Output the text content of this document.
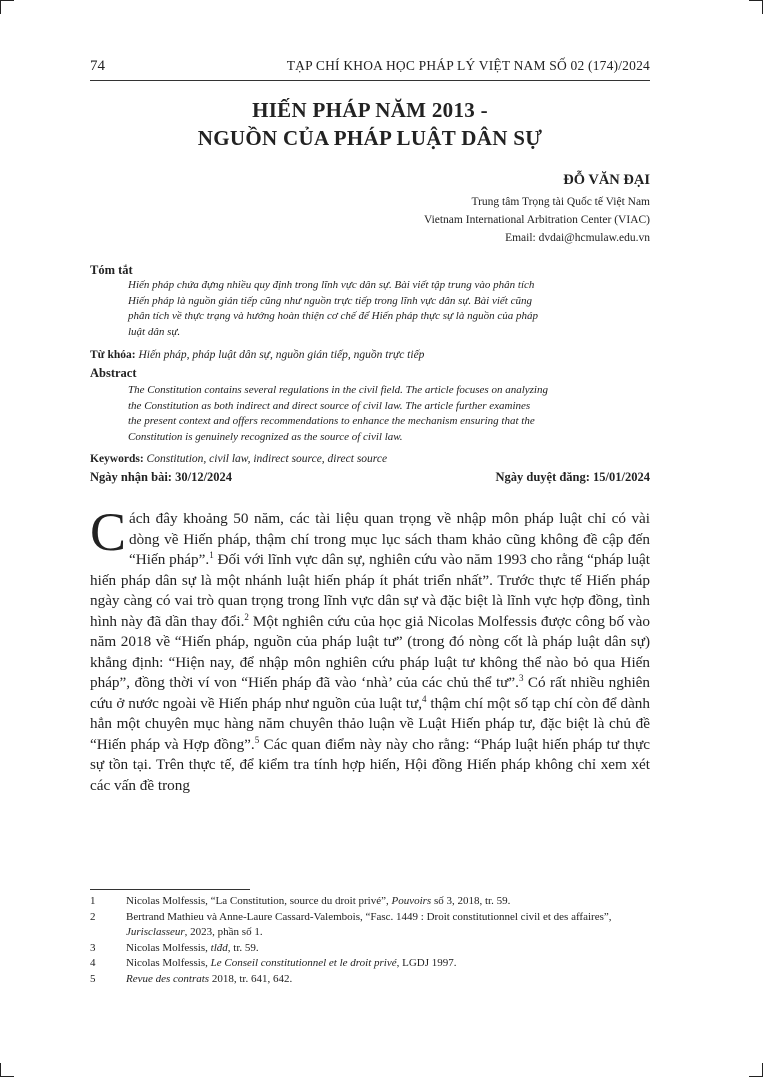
74	TẠP CHÍ KHOA HỌC PHÁP LÝ VIỆT NAM SỐ 02 (174)/2024
HIẾN PHÁP NĂM 2013 -
NGUỒN CỦA PHÁP LUẬT DÂN SỰ
ĐỖ VĂN ĐẠI
Trung tâm Trọng tài Quốc tế Việt Nam
Vietnam International Arbitration Center (VIAC)
Email: dvdai@hcmulaw.edu.vn
Tóm tắt
Hiến pháp chứa đựng nhiều quy định trong lĩnh vực dân sự. Bài viết tập trung vào phân tích
Hiến pháp là nguồn gián tiếp cũng như nguồn trực tiếp trong lĩnh vực dân sự. Bài viết cũng
phân tích về thực trạng và hướng hoàn thiện cơ chế để Hiến pháp thực sự là nguồn của pháp
luật dân sự.
Từ khóa: Hiến pháp, pháp luật dân sự, nguồn gián tiếp, nguồn trực tiếp
Abstract
The Constitution contains several regulations in the civil field. The article focuses on analyzing
the Constitution as both indirect and direct source of civil law. The article further examines
the present context and offers recommendations to enhance the mechanism ensuring that the
Constitution is genuinely recognized as the source of civil law.
Keywords: Constitution, civil law, indirect source, direct source
Ngày nhận bài: 30/12/2024	Ngày duyệt đăng: 15/01/2024
Cách đây khoảng 50 năm, các tài liệu quan trọng về nhập môn pháp luật chỉ có vài dòng về Hiến pháp, thậm chí trong mục lục sách tham khảo cũng không đề cập đến “Hiến pháp”.$^1$ Đối với lĩnh vực dân sự, nghiên cứu vào năm 1993 cho rằng “pháp luật hiến pháp dân sự là một nhánh luật hiến pháp ít phát triển nhất”. Trước thực tế Hiến pháp ngày càng có vai trò quan trọng trong lĩnh vực dân sự và đặc biệt là lĩnh vực hợp đồng, tình hình này đã dần thay đổi.$^2$ Một nghiên cứu của học giả Nicolas Molfessis được công bố vào năm 2018 về “Hiến pháp, nguồn của pháp luật tư” (trong đó nòng cốt là pháp luật dân sự) khẳng định: “Hiện nay, để nhập môn nghiên cứu pháp luật tư không thể nào bỏ qua Hiến pháp”, đồng thời ví von “Hiến pháp đã vào ‘nhà’ của các chủ thể tư”.$^3$ Có rất nhiều nghiên cứu ở nước ngoài về Hiến pháp như nguồn của luật tư,$^4$ thậm chí một số tạp chí còn để dành hẳn một chuyên mục hàng năm chuyên thảo luận về Luật Hiến pháp tư, đặc biệt là chủ đề “Hiến pháp và Hợp đồng”.$^5$ Các quan điểm này này cho rằng: “Pháp luật hiến pháp tư thực sự tồn tại. Trên thực tế, để kiểm tra tính hợp hiến, Hội đồng Hiến pháp không chỉ xem xét các vấn đề trong
1	Nicolas Molfessis, “La Constitution, source du droit privé”, Pouvoirs số 3, 2018, tr. 59.
2	Bertrand Mathieu và Anne-Laure Cassard-Valembois, “Fasc. 1449 : Droit constitutionnel civil et des affaires”, Jurisclasseur, 2023, phần số 1.
3	Nicolas Molfessis, tlđd, tr. 59.
4	Nicolas Molfessis, Le Conseil constitutionnel et le droit privé, LGDJ 1997.
5	Revue des contrats 2018, tr. 641, 642.
